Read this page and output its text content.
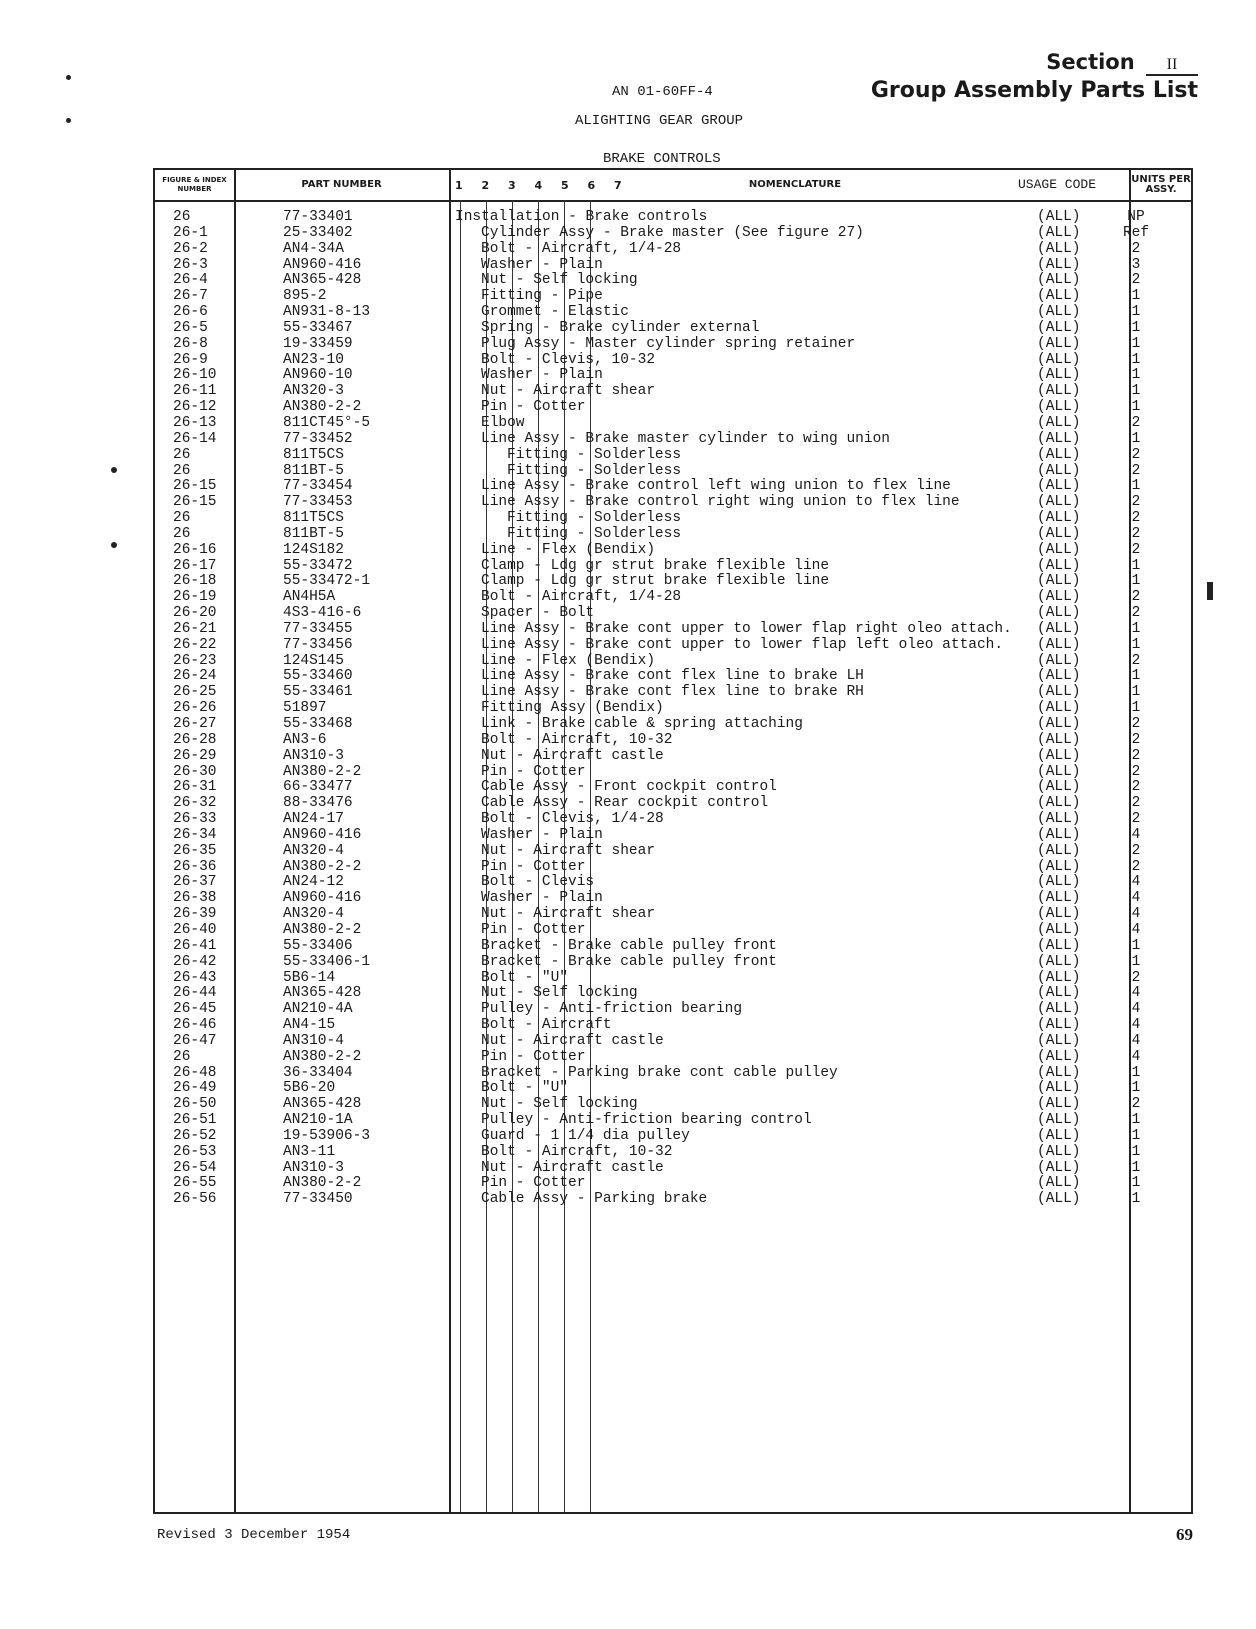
Section II
Group Assembly Parts List
AN 01-60FF-4
ALIGHTING GEAR GROUP
BRAKE CONTROLS
FIGURE & INDEX NUMBER	PART NUMBER	1	2	3	4	5	6	7	NOMENCLATURE	USAGE CODE	UNITS PER ASSY.
26	77-33401	Installation - Brake controls	(ALL)	NP
26-1	25-33402	Cylinder Assy - Brake master (See figure 27)	(ALL)	Ref
26-2	AN4-34A	Bolt - Aircraft, 1/4-28	(ALL)	2
26-3	AN960-416	Washer - Plain	(ALL)	3
26-4	AN365-428	Nut - Self locking	(ALL)	2
26-7	895-2	Fitting - Pipe	(ALL)	1
26-6	AN931-8-13	Grommet - Elastic	(ALL)	1
26-5	55-33467	Spring - Brake cylinder external	(ALL)	1
26-8	19-33459	Plug Assy - Master cylinder spring retainer	(ALL)	1
26-9	AN23-10	Bolt - Clevis, 10-32	(ALL)	1
26-10	AN960-10	Washer - Plain	(ALL)	1
26-11	AN320-3	Nut - Aircraft shear	(ALL)	1
26-12	AN380-2-2	Pin - Cotter	(ALL)	1
26-13	811CT45°-5	Elbow	(ALL)	2
26-14	77-33452	Line Assy - Brake master cylinder to wing union	(ALL)	1
26	811T5CS	Fitting - Solderless	(ALL)	2
26	811BT-5	Fitting - Solderless	(ALL)	2
26-15	77-33454	Line Assy - Brake control left wing union to flex line	(ALL)	1
26-15	77-33453	Line Assy - Brake control right wing union to flex line	(ALL)	2
26	811T5CS	Fitting - Solderless	(ALL)	2
26	811BT-5	Fitting - Solderless	(ALL)	2
26-16	124S182	Line - Flex (Bendix)	(ALL)	2
26-17	55-33472	Clamp - Ldg gr strut brake flexible line	(ALL)	1
26-18	55-33472-1	Clamp - Ldg gr strut brake flexible line	(ALL)	1
26-19	AN4H5A	Bolt - Aircraft, 1/4-28	(ALL)	2
26-20	4S3-416-6	Spacer - Bolt	(ALL)	2
26-21	77-33455	Line Assy - Brake cont upper to lower flap right oleo attach. (ALL)	1
26-22	77-33456	Line Assy - Brake cont upper to lower flap left oleo attach. (ALL)	1
26-23	124S145	Line - Flex (Bendix)	(ALL)	2
26-24	55-33460	Line Assy - Brake cont flex line to brake LH	(ALL)	1
26-25	55-33461	Line Assy - Brake cont flex line to brake RH	(ALL)	1
26-26	51897	Fitting Assy (Bendix)	(ALL)	1
26-27	55-33468	Link - Brake cable & spring attaching	(ALL)	2
26-28	AN3-6	Bolt - Aircraft, 10-32	(ALL)	2
26-29	AN310-3	Nut - Aircraft castle	(ALL)	2
26-30	AN380-2-2	Pin - Cotter	(ALL)	2
26-31	66-33477	Cable Assy - Front cockpit control	(ALL)	2
26-32	88-33476	Cable Assy - Rear cockpit control	(ALL)	2
26-33	AN24-17	Bolt - Clevis, 1/4-28	(ALL)	2
26-34	AN960-416	Washer - Plain	(ALL)	4
26-35	AN320-4	Nut - Aircraft shear	(ALL)	2
26-36	AN380-2-2	Pin - Cotter	(ALL)	2
26-37	AN24-12	Bolt - Clevis	(ALL)	4
26-38	AN960-416	Washer - Plain	(ALL)	4
26-39	AN320-4	Nut - Aircraft shear	(ALL)	4
26-40	AN380-2-2	Pin - Cotter	(ALL)	4
26-41	55-33406	Bracket - Brake cable pulley front	(ALL)	1
26-42	55-33406-1	Bracket - Brake cable pulley front	(ALL)	1
26-43	5B6-14	Bolt - "U"	(ALL)	2
26-44	AN365-428	Nut - Self locking	(ALL)	4
26-45	AN210-4A	Pulley - Anti-friction bearing	(ALL)	4
26-46	AN4-15	Bolt - Aircraft	(ALL)	4
26-47	AN310-4	Nut - Aircraft castle	(ALL)	4
26	AN380-2-2	Pin - Cotter	(ALL)	4
26-48	36-33404	Bracket - Parking brake cont cable pulley	(ALL)	1
26-49	5B6-20	Bolt - "U"	(ALL)	1
26-50	AN365-428	Nut - Self locking	(ALL)	2
26-51	AN210-1A	Pulley - Anti-friction bearing control	(ALL)	1
26-52	19-53906-3	Guard - 1 1/4 dia pulley	(ALL)	1
26-53	AN3-11	Bolt - Aircraft, 10-32	(ALL)	1
26-54	AN310-3	Nut - Aircraft castle	(ALL)	1
26-55	AN380-2-2	Pin - Cotter	(ALL)	1
26-56	77-33450	Cable Assy - Parking brake	(ALL)	1
Revised 3 December 1954	69
